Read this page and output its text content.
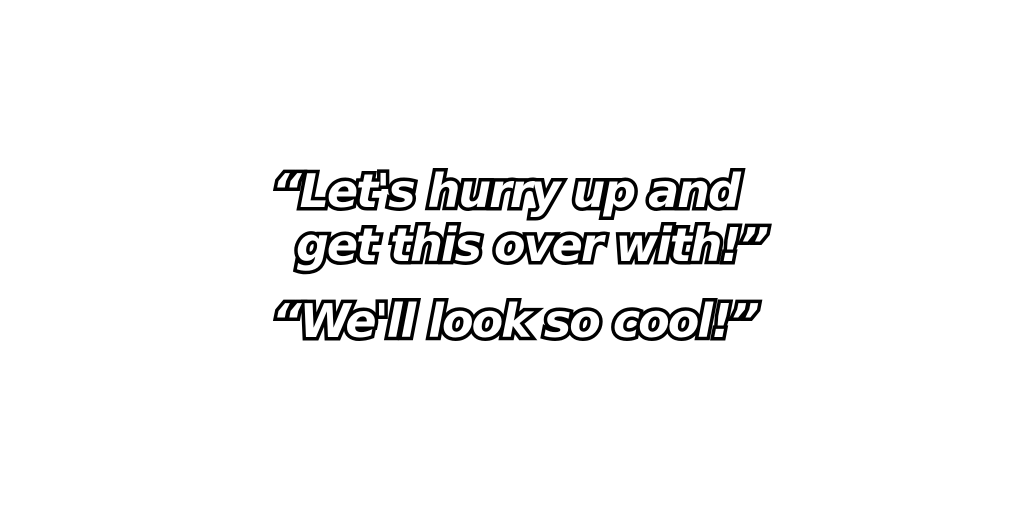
“Let's hurry up and
get this over with!”
“We'll look so cool!”
